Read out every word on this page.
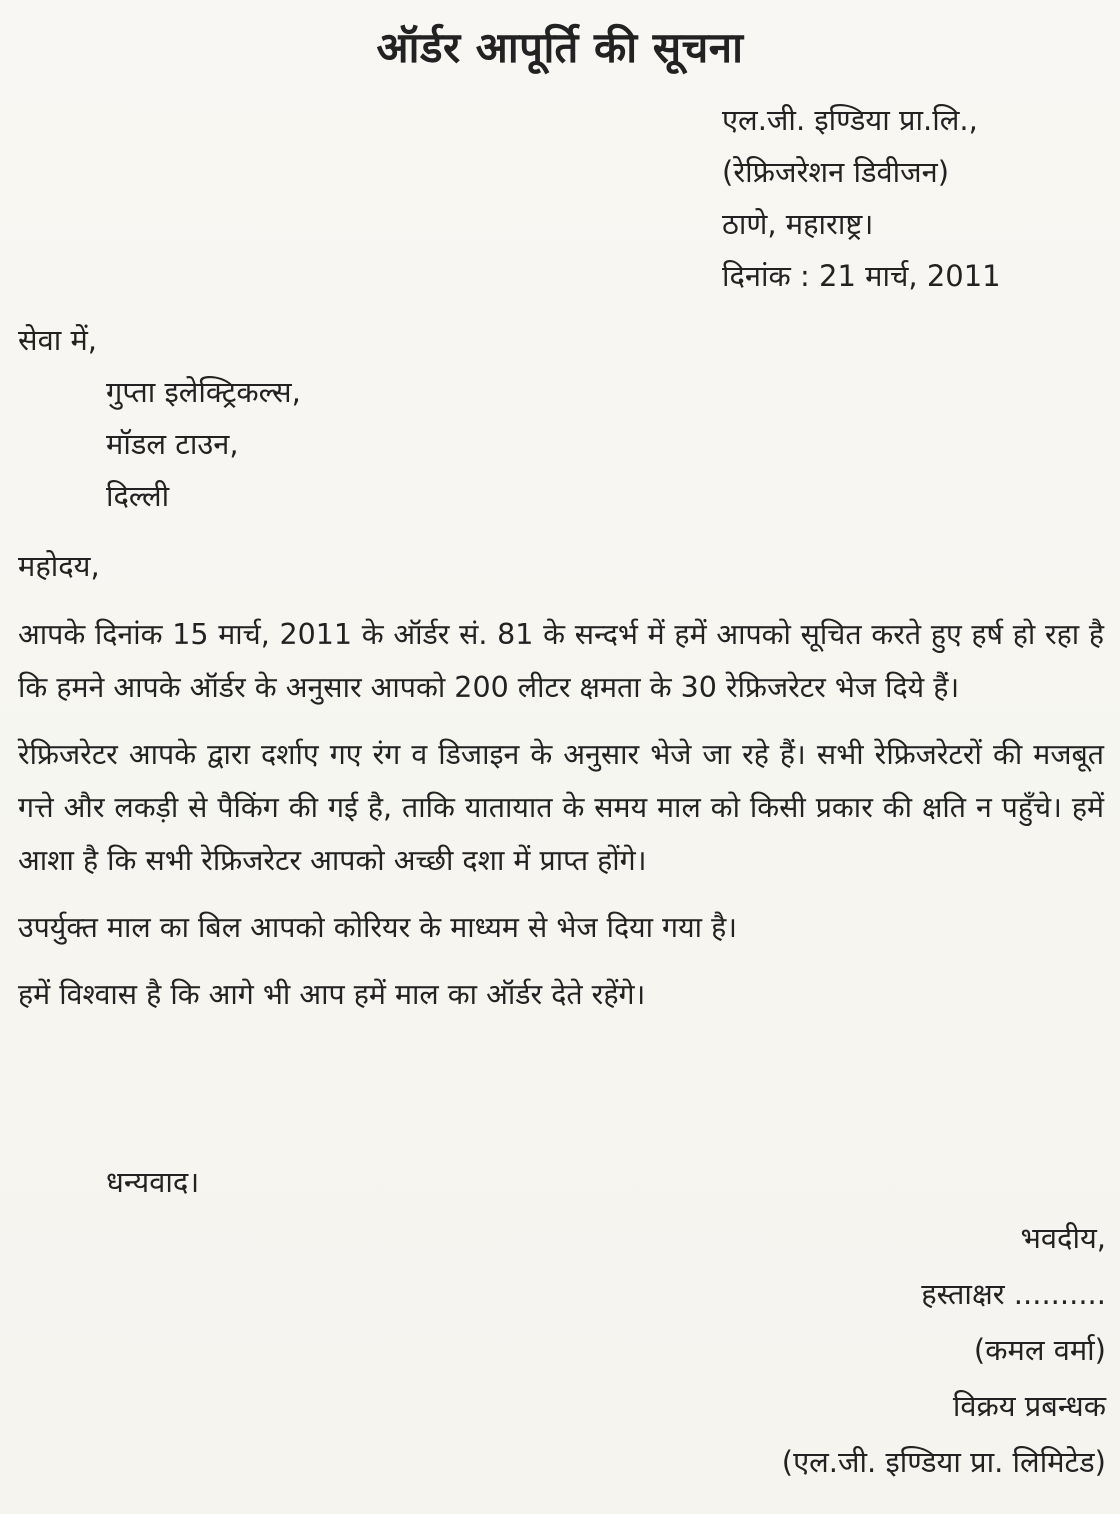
ऑर्डर आपूर्ति की सूचना
एल.जी. इण्डिया प्रा.लि.,
(रेफ्रिजरेशन डिवीजन)
ठाणे, महाराष्ट्र।
दिनांक : 21 मार्च, 2011
सेवा में,
गुप्ता इलेक्ट्रिकल्स,
मॉडल टाउन,
दिल्ली
महोदय,

आपके दिनांक 15 मार्च, 2011 के ऑर्डर सं. 81 के सन्दर्भ में हमें आपको सूचित करते हुए हर्ष हो रहा है कि हमने आपके ऑर्डर के अनुसार आपको 200 लीटर क्षमता के 30 रेफ्रिजरेटर भेज दिये हैं।

रेफ्रिजरेटर आपके द्वारा दर्शाए गए रंग व डिजाइन के अनुसार भेजे जा रहे हैं। सभी रेफ्रिजरेटरों की मजबूत गत्ते और लकड़ी से पैकिंग की गई है, ताकि यातायात के समय माल को किसी प्रकार की क्षति न पहुँचे। हमें आशा है कि सभी रेफ्रिजरेटर आपको अच्छी दशा में प्राप्त होंगे।

उपर्युक्त माल का बिल आपको कोरियर के माध्यम से भेज दिया गया है।

हमें विश्वास है कि आगे भी आप हमें माल का ऑर्डर देते रहेंगे।

धन्यवाद।
भवदीय,
हस्ताक्षर ..........
(कमल वर्मा)
विक्रय प्रबन्धक
(एल.जी. इण्डिया प्रा. लिमिटेड)
